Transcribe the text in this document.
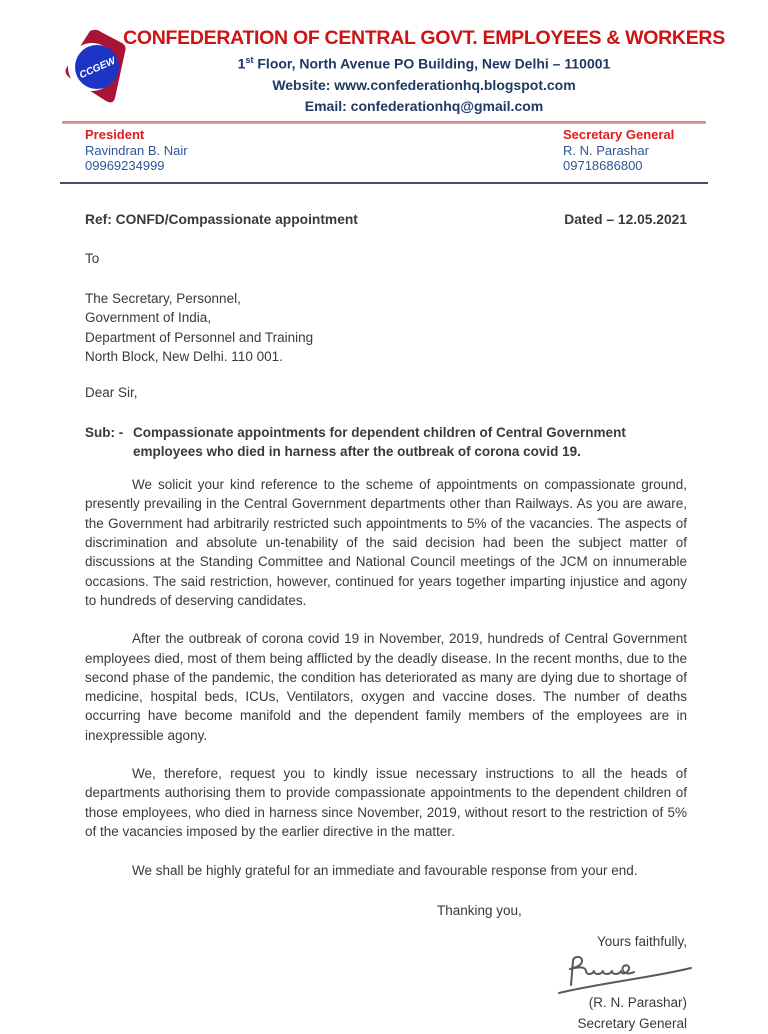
CCGEW
CONFEDERATION OF CENTRAL GOVT. EMPLOYEES & WORKERS
1st Floor, North Avenue PO Building, New Delhi – 110001
Website: www.confederationhq.blogspot.com
Email: confederationhq@gmail.com
President
Ravindran B. Nair
09969234999
Secretary General
R. N. Parashar
09718686800
Ref: CONFD/Compassionate appointment	Dated – 12.05.2021

To

The Secretary, Personnel,
Government of India,
Department of Personnel and Training
North Block, New Delhi. 110 001.

Dear Sir,

Sub: - Compassionate appointments for dependent children of Central Government employees who died in harness after the outbreak of corona covid 19.

We solicit your kind reference to the scheme of appointments on compassionate ground, presently prevailing in the Central Government departments other than Railways. As you are aware, the Government had arbitrarily restricted such appointments to 5% of the vacancies. The aspects of discrimination and absolute un-tenability of the said decision had been the subject matter of discussions at the Standing Committee and National Council meetings of the JCM on innumerable occasions. The said restriction, however, continued for years together imparting injustice and agony to hundreds of deserving candidates.

After the outbreak of corona covid 19 in November, 2019, hundreds of Central Government employees died, most of them being afflicted by the deadly disease. In the recent months, due to the second phase of the pandemic, the condition has deteriorated as many are dying due to shortage of medicine, hospital beds, ICUs, Ventilators, oxygen and vaccine doses. The number of deaths occurring have become manifold and the dependent family members of the employees are in inexpressible agony.

We, therefore, request you to kindly issue necessary instructions to all the heads of departments authorising them to provide compassionate appointments to the dependent children of those employees, who died in harness since November, 2019, without resort to the restriction of 5% of the vacancies imposed by the earlier directive in the matter.

We shall be highly grateful for an immediate and favourable response from your end.

Thanking you,

Yours faithfully,
(R. N. Parashar)
Secretary General
